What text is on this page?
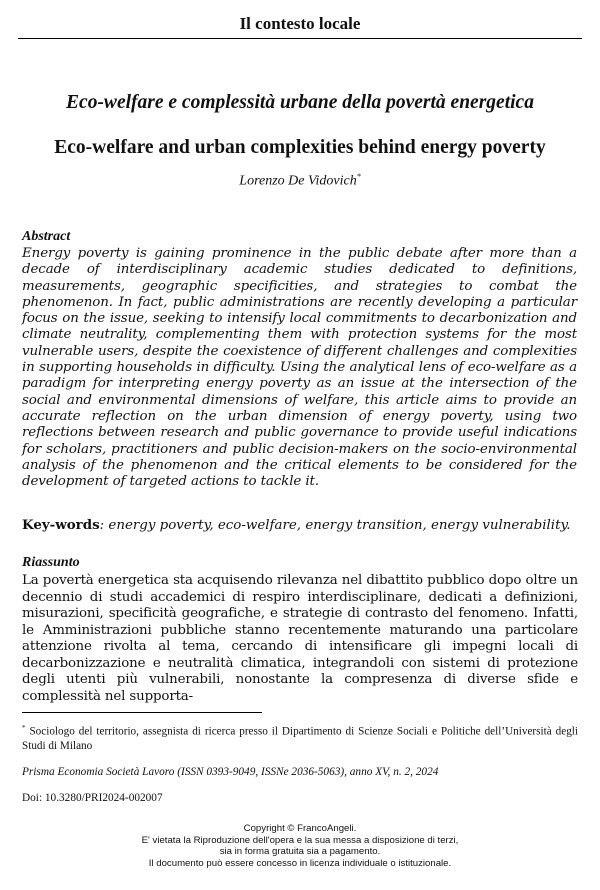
Il contesto locale
Eco-welfare e complessità urbane della povertà energetica
Eco-welfare and urban complexities behind energy poverty
Lorenzo De Vidovich*
Abstract

Energy poverty is gaining prominence in the public debate after more than a decade of interdisciplinary academic studies dedicated to definitions, measurements, geographic specificities, and strategies to combat the phenomenon. In fact, public administrations are recently developing a particular focus on the issue, seeking to intensify local commitments to decarbonization and climate neutrality, complementing them with protection systems for the most vulnerable users, despite the coexistence of different challenges and complexities in supporting households in difficulty. Using the analytical lens of eco-welfare as a paradigm for interpreting energy poverty as an issue at the intersection of the social and environmental dimensions of welfare, this article aims to provide an accurate reflection on the urban dimension of energy poverty, using two reflections between research and public governance to provide useful indications for scholars, practitioners and public decision-makers on the socio-environmental analysis of the phenomenon and the critical elements to be considered for the development of targeted actions to tackle it.

Key-words: energy poverty, eco-welfare, energy transition, energy vulnerability.

Riassunto

La povertà energetica sta acquisendo rilevanza nel dibattito pubblico dopo oltre un decennio di studi accademici di respiro interdisciplinare, dedicati a definizioni, misurazioni, specificità geografiche, e strategie di contrasto del fenomeno. Infatti, le Amministrazioni pubbliche stanno recentemente maturando una particolare attenzione rivolta al tema, cercando di intensificare gli impegni locali di decarbonizzazione e neutralità climatica, integrandoli con sistemi di protezione degli utenti più vulnerabili, nonostante la compresenza di diverse sfide e complessità nel supporta-

* Sociologo del territorio, assegnista di ricerca presso il Dipartimento di Scienze Sociali e Politiche dell’Università degli Studi di Milano

Prisma Economia Società Lavoro (ISSN 0393-9049, ISSNe 2036-5063), anno XV, n. 2, 2024
Doi: 10.3280/PRI2024-002007
Copyright © FrancoAngeli.
E' vietata la Riproduzione dell'opera e la sua messa a disposizione di terzi,
sia in forma gratuita sia a pagamento.
Il documento può essere concesso in licenza individuale o istituzionale.
